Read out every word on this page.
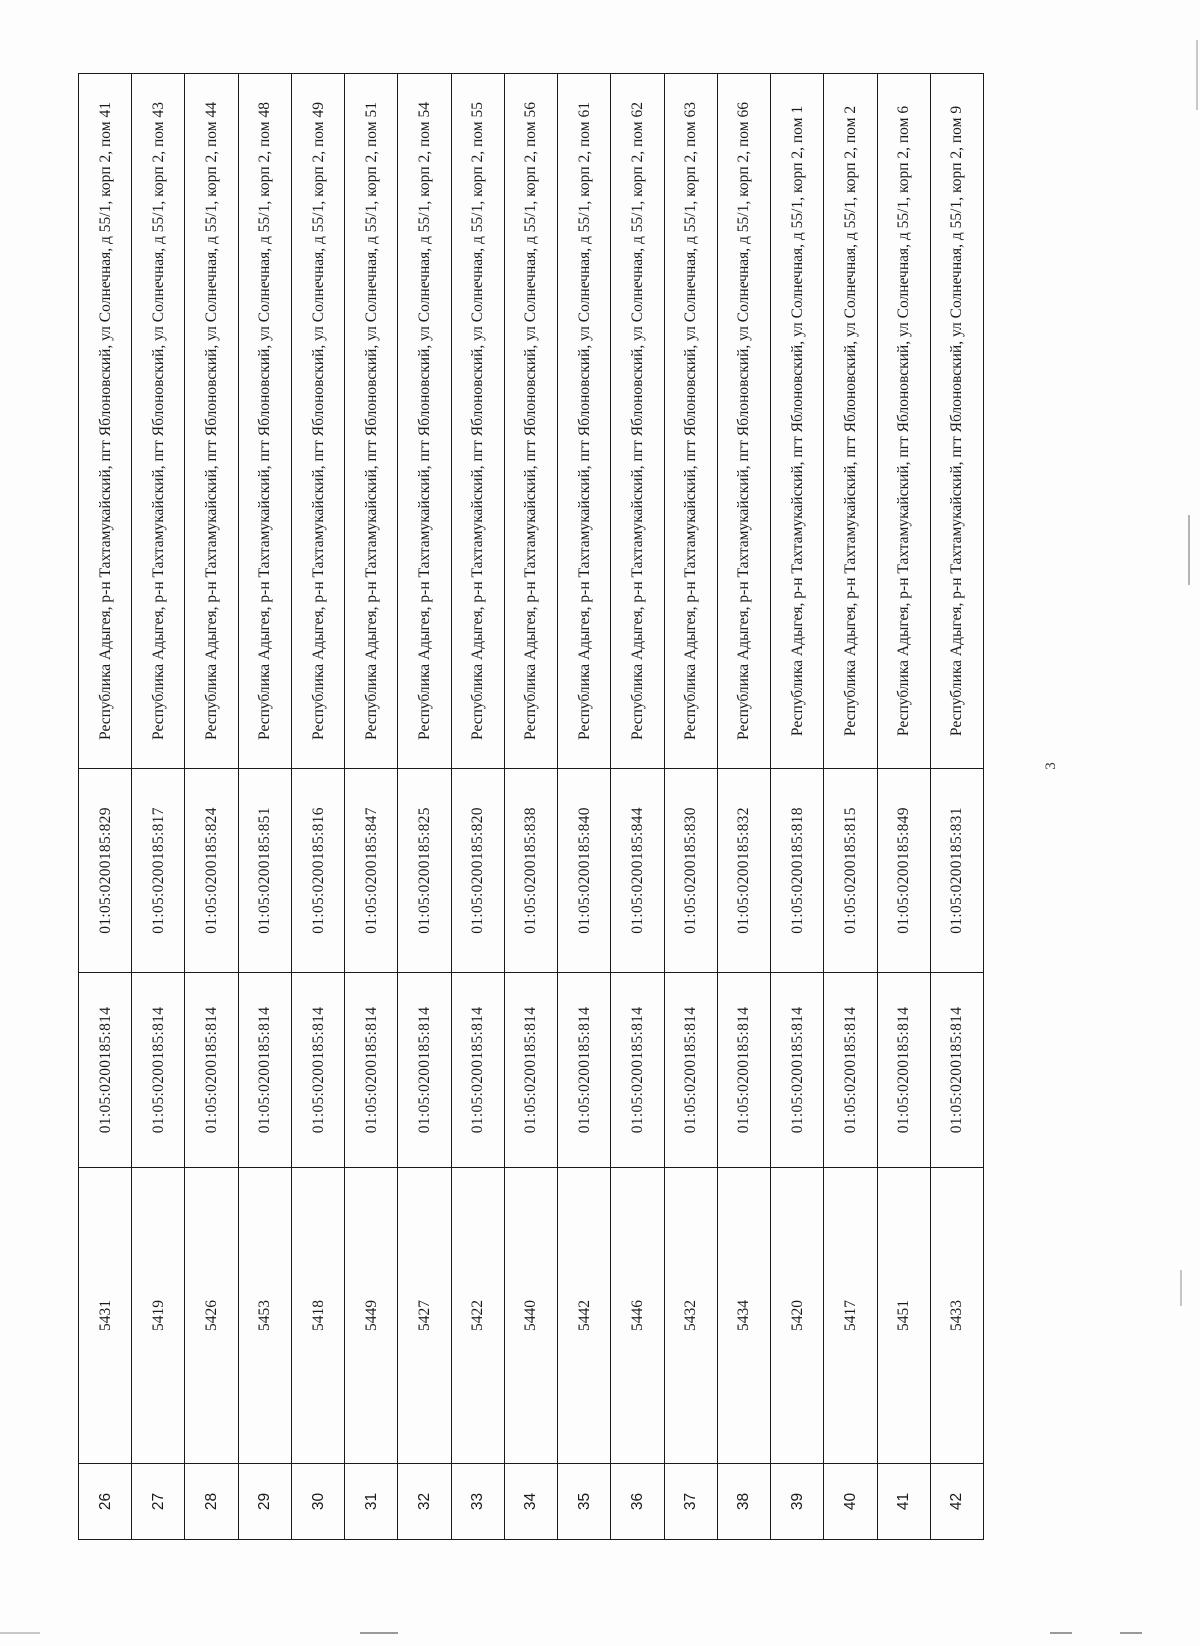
26	5431	01:05:0200185:814	01:05:0200185:829	Республика Адыгея, р-н Тахтамукайский, пгт Яблоновский, ул Солнечная, д 55/1, корп 2, пом 41
27	5419	01:05:0200185:814	01:05:0200185:817	Республика Адыгея, р-н Тахтамукайский, пгт Яблоновский, ул Солнечная, д 55/1, корп 2, пом 43
28	5426	01:05:0200185:814	01:05:0200185:824	Республика Адыгея, р-н Тахтамукайский, пгт Яблоновский, ул Солнечная, д 55/1, корп 2, пом 44
29	5453	01:05:0200185:814	01:05:0200185:851	Республика Адыгея, р-н Тахтамукайский, пгт Яблоновский, ул Солнечная, д 55/1, корп 2, пом 48
30	5418	01:05:0200185:814	01:05:0200185:816	Республика Адыгея, р-н Тахтамукайский, пгт Яблоновский, ул Солнечная, д 55/1, корп 2, пом 49
31	5449	01:05:0200185:814	01:05:0200185:847	Республика Адыгея, р-н Тахтамукайский, пгт Яблоновский, ул Солнечная, д 55/1, корп 2, пом 51
32	5427	01:05:0200185:814	01:05:0200185:825	Республика Адыгея, р-н Тахтамукайский, пгт Яблоновский, ул Солнечная, д 55/1, корп 2, пом 54
33	5422	01:05:0200185:814	01:05:0200185:820	Республика Адыгея, р-н Тахтамукайский, пгт Яблоновский, ул Солнечная, д 55/1, корп 2, пом 55
34	5440	01:05:0200185:814	01:05:0200185:838	Республика Адыгея, р-н Тахтамукайский, пгт Яблоновский, ул Солнечная, д 55/1, корп 2, пом 56
35	5442	01:05:0200185:814	01:05:0200185:840	Республика Адыгея, р-н Тахтамукайский, пгт Яблоновский, ул Солнечная, д 55/1, корп 2, пом 61
36	5446	01:05:0200185:814	01:05:0200185:844	Республика Адыгея, р-н Тахтамукайский, пгт Яблоновский, ул Солнечная, д 55/1, корп 2, пом 62
37	5432	01:05:0200185:814	01:05:0200185:830	Республика Адыгея, р-н Тахтамукайский, пгт Яблоновский, ул Солнечная, д 55/1, корп 2, пом 63
38	5434	01:05:0200185:814	01:05:0200185:832	Республика Адыгея, р-н Тахтамукайский, пгт Яблоновский, ул Солнечная, д 55/1, корп 2, пом 66
39	5420	01:05:0200185:814	01:05:0200185:818	Республика Адыгея, р-н Тахтамукайский, пгт Яблоновский, ул Солнечная, д 55/1, корп 2, пом 1
40	5417	01:05:0200185:814	01:05:0200185:815	Республика Адыгея, р-н Тахтамукайский, пгт Яблоновский, ул Солнечная, д 55/1, корп 2, пом 2
41	5451	01:05:0200185:814	01:05:0200185:849	Республика Адыгея, р-н Тахтамукайский, пгт Яблоновский, ул Солнечная, д 55/1, корп 2, пом 6
42	5433	01:05:0200185:814	01:05:0200185:831	Республика Адыгея, р-н Тахтамукайский, пгт Яблоновский, ул Солнечная, д 55/1, корп 2, пом 9
3
